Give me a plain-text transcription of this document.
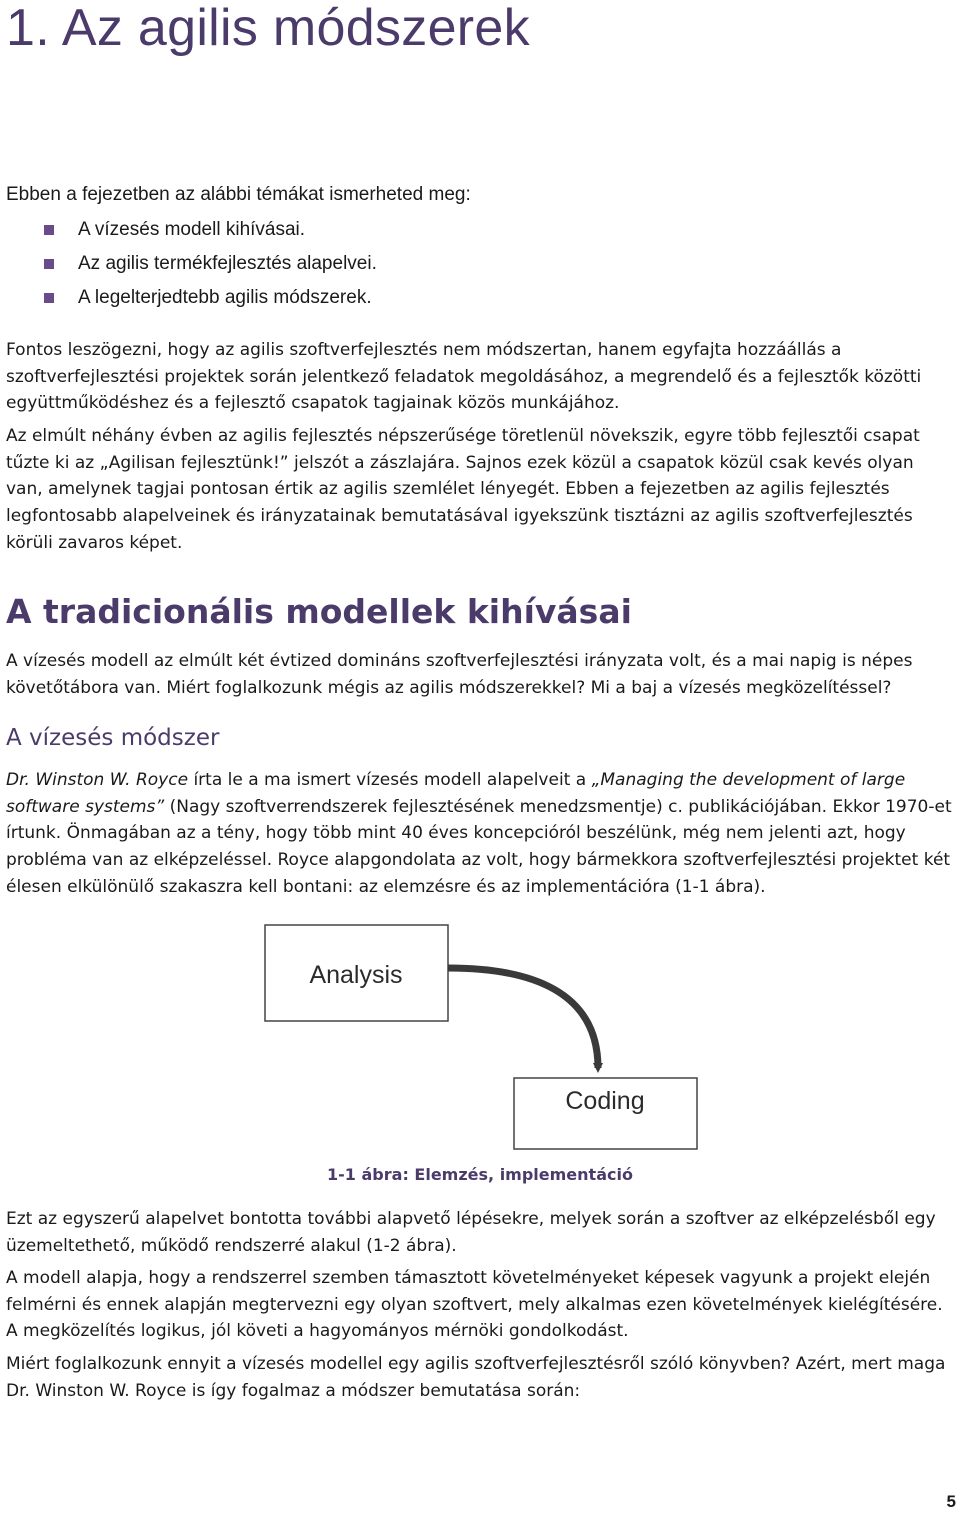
1. Az agilis módszerek

Ebben a fejezetben az alábbi témákat ismerheted meg:

A vízesés modell kihívásai.
Az agilis termékfejlesztés alapelvei.
A legelterjedtebb agilis módszerek.

Fontos leszögezni, hogy az agilis szoftverfejlesztés nem módszertan, hanem egyfajta hozzáállás a szoftverfejlesztési projektek során jelentkező feladatok megoldásához, a megrendelő és a fejlesztők közötti együttműködéshez és a fejlesztő csapatok tagjainak közös munkájához.

Az elmúlt néhány évben az agilis fejlesztés népszerűsége töretlenül növekszik, egyre több fejlesztői csapat tűzte ki az „Agilisan fejlesztünk!” jelszót a zászlajára. Sajnos ezek közül a csapatok közül csak kevés olyan van, amelynek tagjai pontosan értik az agilis szemlélet lényegét. Ebben a fejezetben az agilis fejlesztés legfontosabb alapelveinek és irányzatainak bemutatásával igyekszünk tisztázni az agilis szoftverfejlesztés körüli zavaros képet.

A tradicionális modellek kihívásai

A vízesés modell az elmúlt két évtized domináns szoftverfejlesztési irányzata volt, és a mai napig is népes követőtábora van. Miért foglalkozunk mégis az agilis módszerekkel? Mi a baj a vízesés megközelítéssel?

A vízesés módszer

Dr. Winston W. Royce írta le a ma ismert vízesés modell alapelveit a „Managing the development of large software systems” (Nagy szoftverrendszerek fejlesztésének menedzsmentje) c. publikációjában. Ekkor 1970-et írtunk. Önmagában az a tény, hogy több mint 40 éves koncepcióról beszélünk, még nem jelenti azt, hogy probléma van az elképzeléssel. Royce alapgondolata az volt, hogy bármekkora szoftverfejlesztési projektet két élesen elkülönülő szakaszra kell bontani: az elemzésre és az implementációra (1-1 ábra).

Analysis
Coding

1-1 ábra: Elemzés, implementáció

Ezt az egyszerű alapelvet bontotta további alapvető lépésekre, melyek során a szoftver az elképzelésből egy üzemeltethető, működő rendszerré alakul (1-2 ábra).

A modell alapja, hogy a rendszerrel szemben támasztott követelményeket képesek vagyunk a projekt elején felmérni és ennek alapján megtervezni egy olyan szoftvert, mely alkalmas ezen követelmények kielégítésére. A megközelítés logikus, jól követi a hagyományos mérnöki gondolkodást.

Miért foglalkozunk ennyit a vízesés modellel egy agilis szoftverfejlesztésről szóló könyvben? Azért, mert maga Dr. Winston W. Royce is így fogalmaz a módszer bemutatása során:

5
